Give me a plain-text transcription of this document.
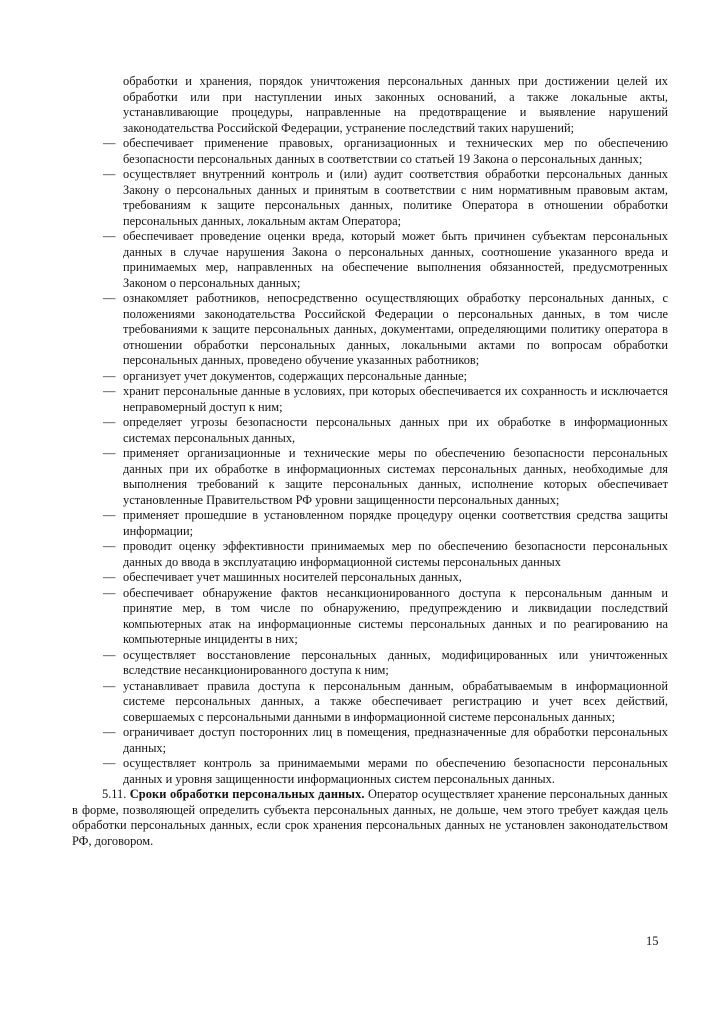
обработки и хранения, порядок уничтожения персональных данных при достижении целей их обработки или при наступлении иных законных оснований, а также локальные акты, устанавливающие процедуры, направленные на предотвращение и выявление нарушений законодательства Российской Федерации, устранение последствий таких нарушений;

— обеспечивает применение правовых, организационных и технических мер по обеспечению безопасности персональных данных в соответствии со статьей 19 Закона о персональных данных;
— осуществляет внутренний контроль и (или) аудит соответствия обработки персональных данных Закону о персональных данных и принятым в соответствии с ним нормативным правовым актам, требованиям к защите персональных данных, политике Оператора в отношении обработки персональных данных, локальным актам Оператора;
— обеспечивает проведение оценки вреда, который может быть причинен субъектам персональных данных в случае нарушения Закона о персональных данных, соотношение указанного вреда и принимаемых мер, направленных на обеспечение выполнения обязанностей, предусмотренных Законом о персональных данных;
— ознакомляет работников, непосредственно осуществляющих обработку персональных данных, с положениями законодательства Российской Федерации о персональных данных, в том числе требованиями к защите персональных данных, документами, определяющими политику оператора в отношении обработки персональных данных, локальными актами по вопросам обработки персональных данных, проведено обучение указанных работников;
— организует учет документов, содержащих персональные данные;
— хранит персональные данные в условиях, при которых обеспечивается их сохранность и исключается неправомерный доступ к ним;
— определяет угрозы безопасности персональных данных при их обработке в информационных системах персональных данных,
— применяет организационные и технические меры по обеспечению безопасности персональных данных при их обработке в информационных системах персональных данных, необходимые для выполнения требований к защите персональных данных, исполнение которых обеспечивает установленные Правительством РФ уровни защищенности персональных данных;
— применяет прошедшие в установленном порядке процедуру оценки соответствия средства защиты информации;
— проводит оценку эффективности принимаемых мер по обеспечению безопасности персональных данных до ввода в эксплуатацию информационной системы персональных данных
— обеспечивает учет машинных носителей персональных данных,
— обеспечивает обнаружение фактов несанкционированного доступа к персональным данным и принятие мер, в том числе по обнаружению, предупреждению и ликвидации последствий компьютерных атак на информационные системы персональных данных и по реагированию на компьютерные инциденты в них;
— осуществляет восстановление персональных данных, модифицированных или уничтоженных вследствие несанкционированного доступа к ним;
— устанавливает правила доступа к персональным данным, обрабатываемым в информационной системе персональных данных, а также обеспечивает регистрацию и учет всех действий, совершаемых с персональными данными в информационной системе персональных данных;
— ограничивает доступ посторонних лиц в помещения, предназначенные для обработки персональных данных;
— осуществляет контроль за принимаемыми мерами по обеспечению безопасности персональных данных и уровня защищенности информационных систем персональных данных.

5.11. Сроки обработки персональных данных. Оператор осуществляет хранение персональных данных в форме, позволяющей определить субъекта персональных данных, не дольше, чем этого требует каждая цель обработки персональных данных, если срок хранения персональных данных не установлен законодательством РФ, договором.

15
